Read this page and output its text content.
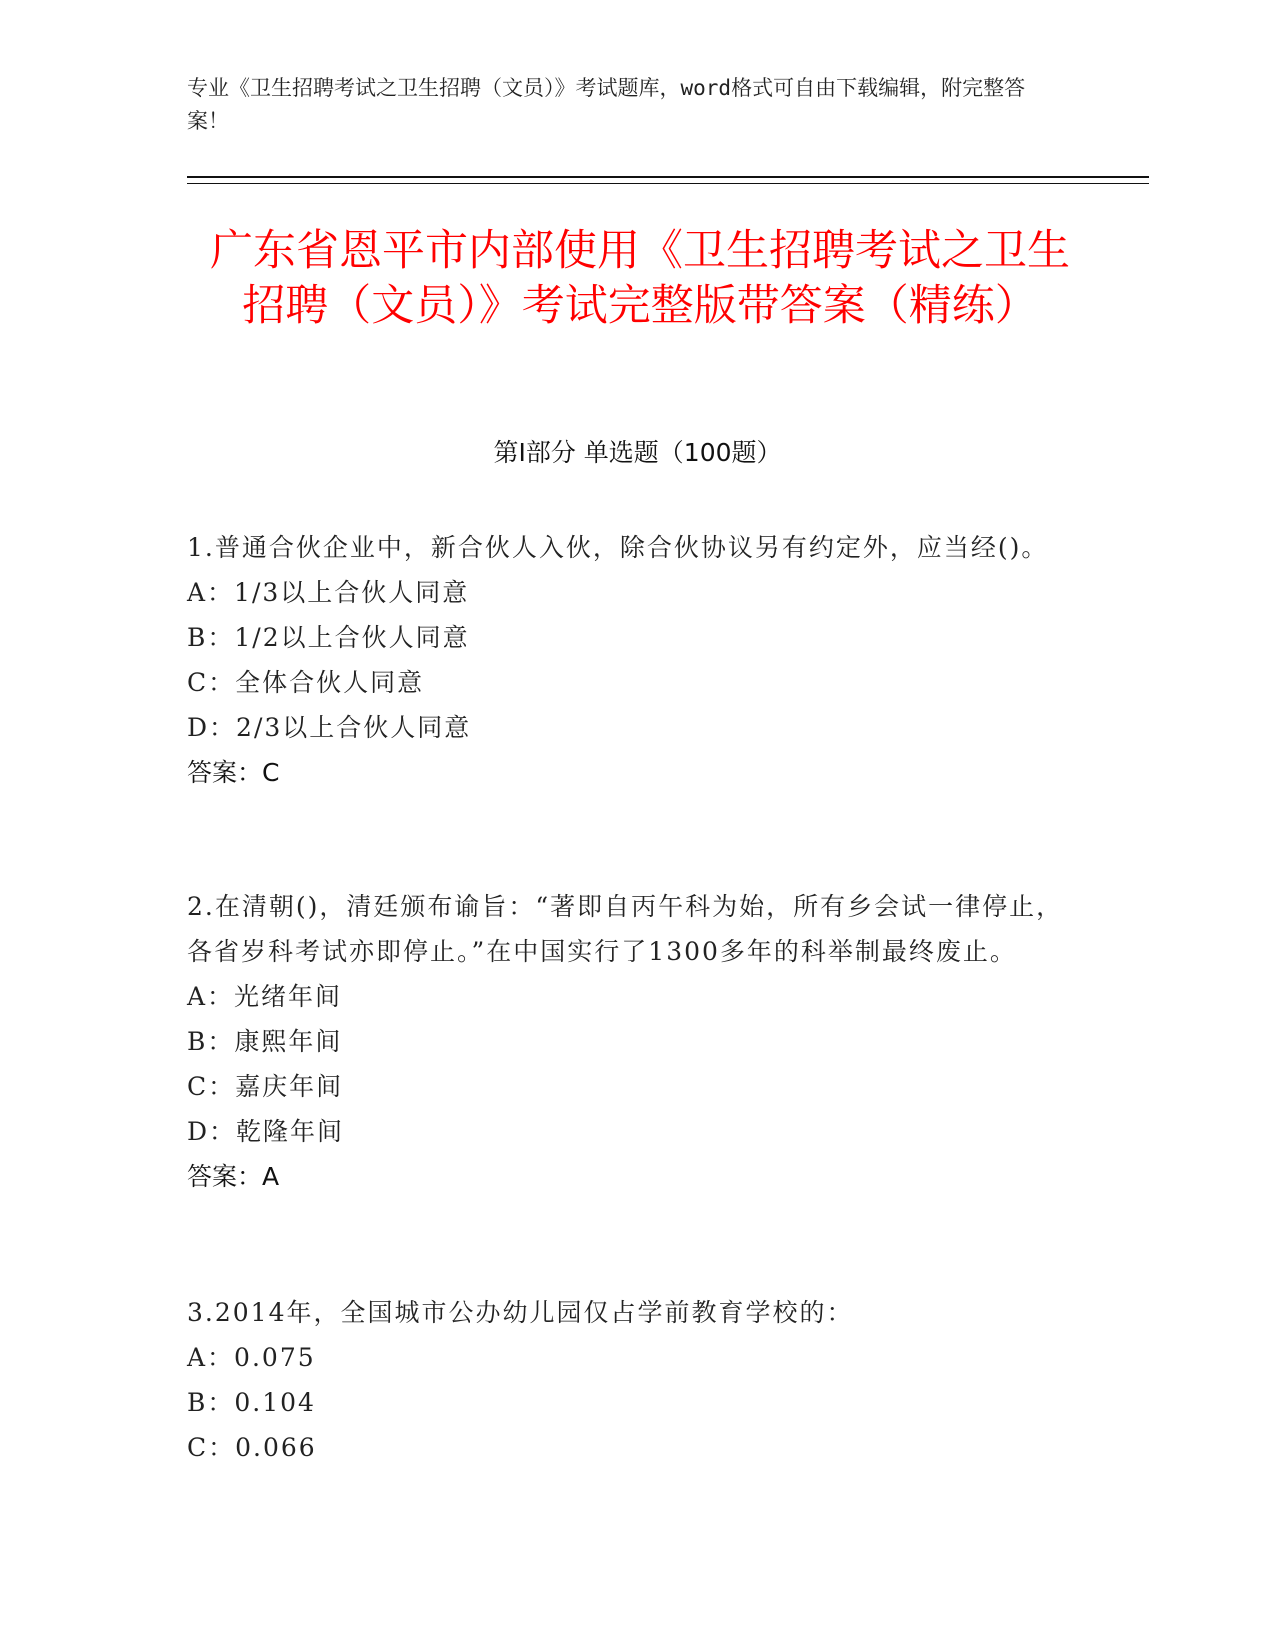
专业《卫生招聘考试之卫生招聘（文员）》考试题库，word格式可自由下载编辑，附完整答案！
广东省恩平市内部使用《卫生招聘考试之卫生招聘（文员）》考试完整版带答案（精练）
第Ⅰ部分 单选题（100题）
1.普通合伙企业中，新合伙人入伙，除合伙协议另有约定外，应当经()。
A：1/3以上合伙人同意
B：1/2以上合伙人同意
C：全体合伙人同意
D：2/3以上合伙人同意
答案：C
2.在清朝()，清廷颁布谕旨：“著即自丙午科为始，所有乡会试一律停止，各省岁科考试亦即停止。”在中国实行了1300多年的科举制最终废止。
A：光绪年间
B：康熙年间
C：嘉庆年间
D：乾隆年间
答案：A
3.2014年，全国城市公办幼儿园仅占学前教育学校的：
A：0.075
B：0.104
C：0.066
